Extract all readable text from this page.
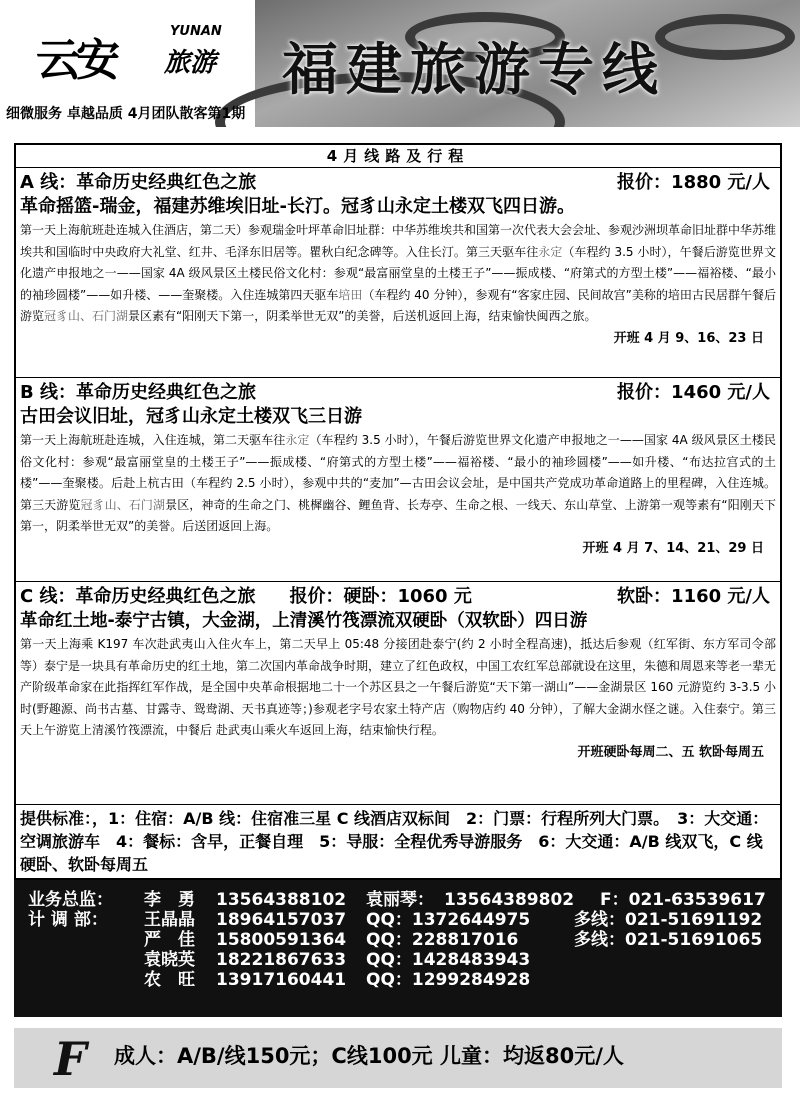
云安
YUNAN
旅游 福建旅游专线
细微服务 卓越品质 4月团队散客第1期
4月线路及行程
A 线：革命历史经典红色之旅	报价：1880 元/人
革命摇篮-瑞金，福建苏维埃旧址-长汀。冠豸山永定土楼双飞四日游。
第一天上海航班赴连城入住酒店，第二天）参观瑞金叶坪革命旧址群：中华苏维埃共和国第一次代表大会会址、参观沙洲坝革命旧址群中华苏维埃共和国临时中央政府大礼堂、红井、毛泽东旧居等。瞿秋白纪念碑等。入住长汀。第三天驱车往永定（车程约 3.5 小时），午餐后游览世界文化遗产申报地之一——国家 4A 级风景区土楼民俗文化村：参观“最富丽堂皇的土楼王子”——振成楼、“府第式的方型土楼”——福裕楼、“最小的袖珍圆楼”——如升楼、——奎聚楼。入住连城第四天驱车培田（车程约 40 分钟），参观有“客家庄园、民间故宫”美称的培田古民居群午餐后游览冠豸山、石门湖景区素有“阳刚天下第一，阴柔举世无双”的美誉，后送机返回上海，结束愉快闽西之旅。
开班 4 月 9、16、23 日
B 线：革命历史经典红色之旅	报价：1460 元/人
古田会议旧址，冠豸山永定土楼双飞三日游
第一天上海航班赴连城，入住连城，第二天驱车往永定（车程约 3.5 小时），午餐后游览世界文化遗产申报地之一——国家 4A 级风景区土楼民俗文化村：参观“最富丽堂皇的土楼王子”——振成楼、“府第式的方型土楼”——福裕楼、“最小的袖珍圆楼”——如升楼、“布达拉宫式的土楼”——奎聚楼。后赴上杭古田（车程约 2.5 小时），参观中共的“麦加”—古田会议会址，是中国共产党成功革命道路上的里程碑，入住连城。第三天游览冠豸山、石门湖景区，神奇的生命之门、桃樨幽谷、鲤鱼背、长寿亭、生命之根、一线天、东山草堂、上游第一观等素有“阳刚天下第一，阴柔举世无双”的美誉。后送团返回上海。
开班 4 月 7、14、21、29 日
C 线：革命历史经典红色之旅 报价：硬卧：1060 元	软卧：1160 元/人
革命红土地-泰宁古镇，大金湖，上清溪竹筏漂流双硬卧（双软卧）四日游
第一天上海乘 K197 车次赴武夷山入住火车上，第二天早上 05:48 分接团赴泰宁(约 2 小时全程高速)，抵达后参观（红军街、东方军司令部等）泰宁是一块具有革命历史的红土地，第二次国内革命战争时期，建立了红色政权，中国工农红军总部就设在这里，朱德和周恩来等老一辈无产阶级革命家在此指挥红军作战，是全国中央革命根据地二十一个苏区县之一午餐后游览“天下第一湖山”——金湖景区 160 元游览约 3-3.5 小时(野趣源、尚书古墓、甘露寺、鸳鸯湖、天书真迹等；)参观老字号农家土特产店（购物店约 40 分钟），了解大金湖水怪之谜。入住泰宁。第三天上午游览上清溪竹筏漂流，中餐后 赴武夷山乘火车返回上海，结束愉快行程。
开班硬卧每周二、五 软卧每周五
提供标准：，1：住宿：A/B 线：住宿准三星 C 线酒店双标间　2：门票：行程所列大门票。　3：大交通：空调旅游车　4：餐标：含早，正餐自理　5：导服：全程优秀导游服务　6：大交通：A/B 线双飞，C 线硬卧、软卧每周五
业务总监： 李　勇 13564388102 袁丽琴： 13564389802 F：021-63539617
计 调 部： 王晶晶 18964157037 QQ：1372644975	多线：021-51691192
严　佳 15800591364 QQ：228817016	多线：021-51691065
袁晓英 18221867633 QQ：1428483943
农　旺 13917160441 QQ：1299284928
F 成人：A/B/线150元；C线100元 儿童：均返80元/人
